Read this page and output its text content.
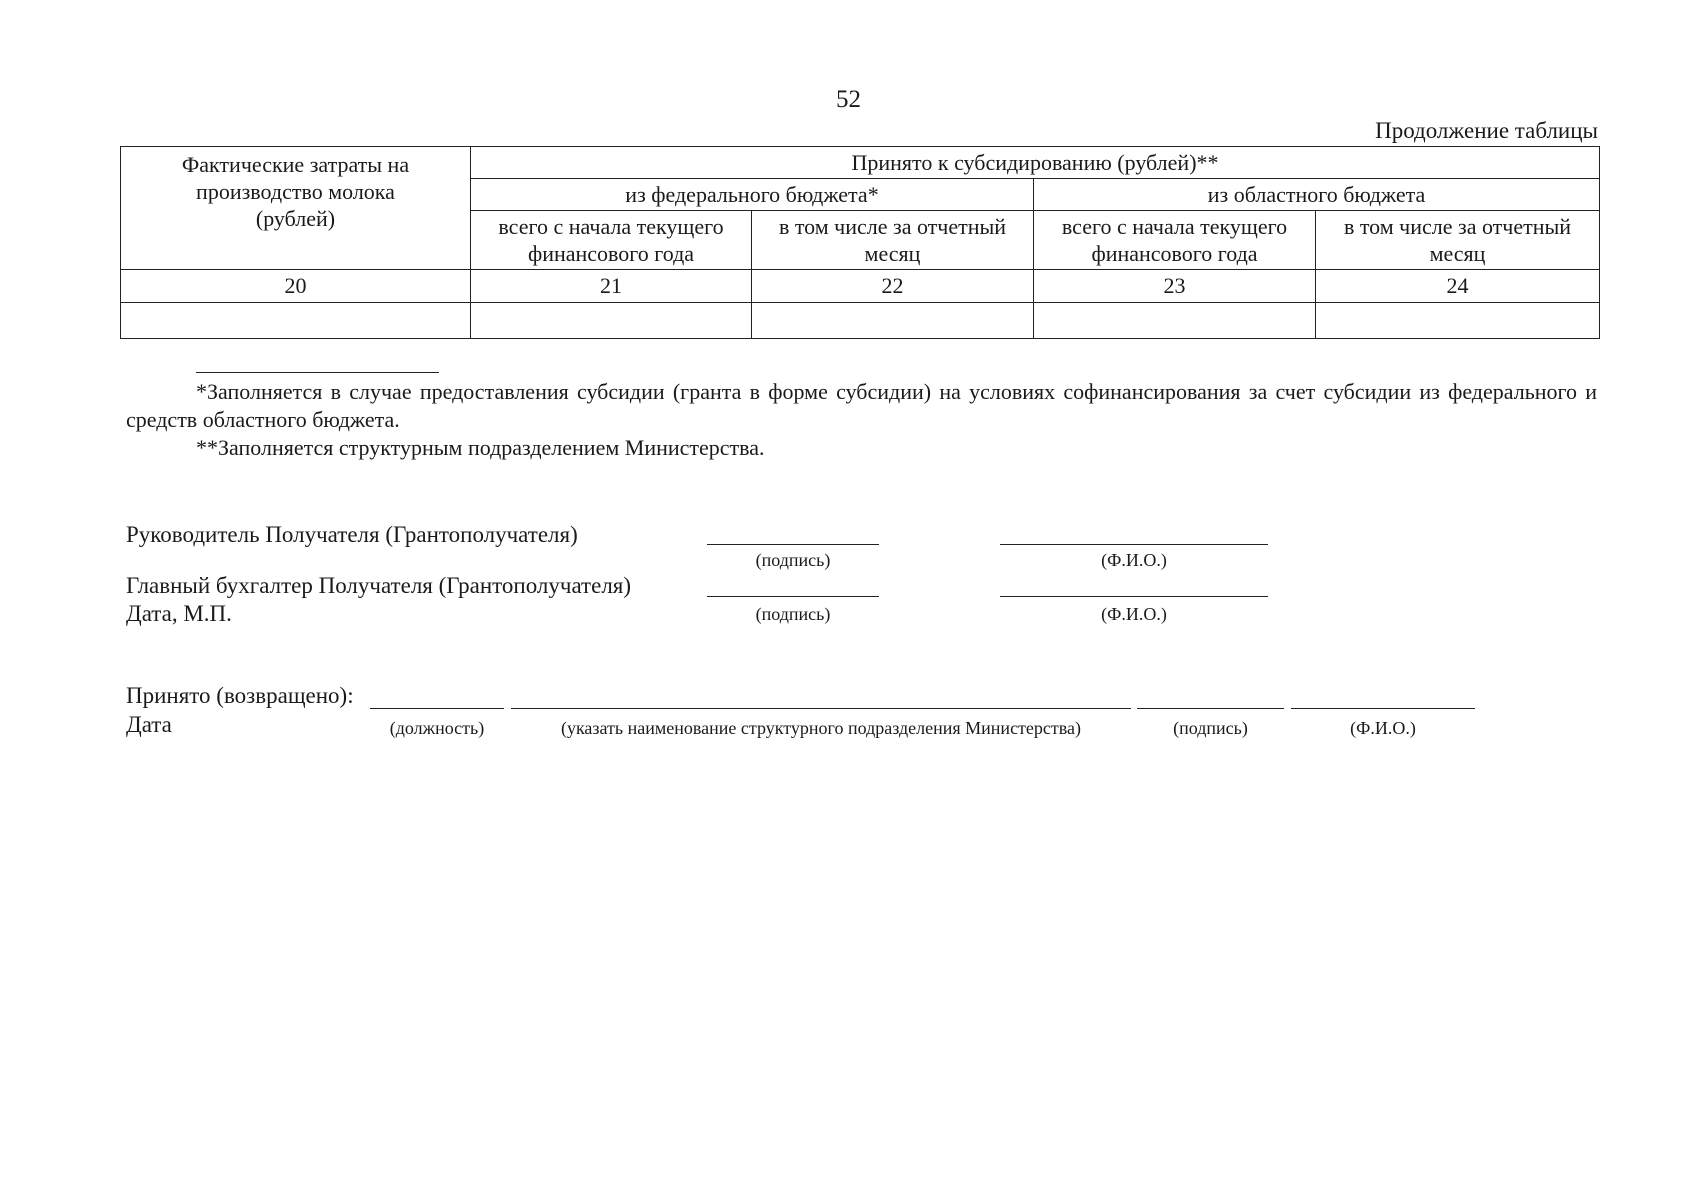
52
Продолжение таблицы
Фактические затраты на производство молока (рублей)	Принято к субсидированию (рублей)**			
	из федерального бюджета*		из областного бюджета	
	всего с начала текущего финансового года	в том числе за отчетный месяц	всего с начала текущего финансового года	в том числе за отчетный месяц
20	21	22	23	24

*Заполняется в случае предоставления субсидии (гранта в форме субсидии) на условиях софинансирования за счет субсидии из федерального и средств областного бюджета.

**Заполняется структурным подразделением Министерства.

Руководитель Получателя (Грантополучателя)
(подпись)	(Ф.И.О.)
Главный бухгалтер Получателя (Грантополучателя)
Дата, М.П.	(подпись)	(Ф.И.О.)
Принято (возвращено):
Дата	(должность)	(указать наименование структурного подразделения Министерства)	(подпись)	(Ф.И.О.)
